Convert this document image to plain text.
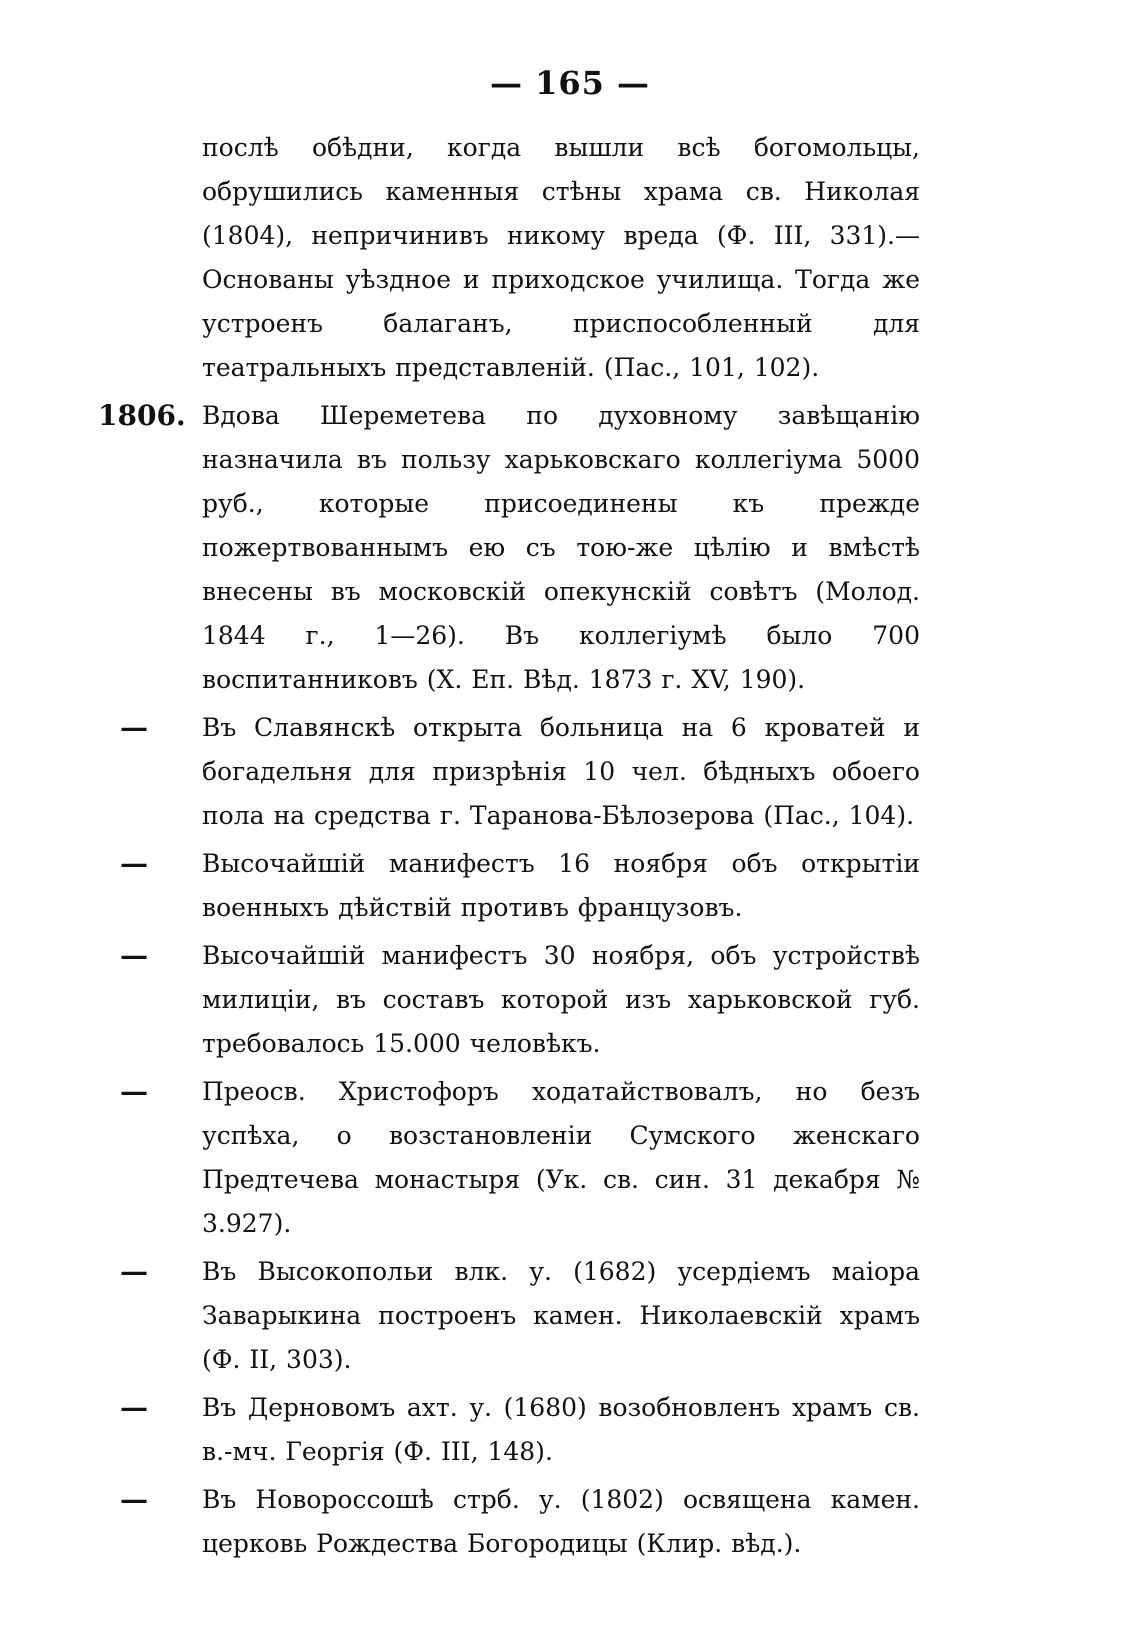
— 165 —
послѣ обѣдни, когда вышли всѣ богомольцы, обрушились каменныя стѣны храма св. Николая (1804), непричинивъ никому вреда (Ф. III, 331).—Основаны уѣздное и приходское училища. Тогда же устроенъ балаганъ, приспособленный для театральныхъ представленій. (Пас., 101, 102).
1806. Вдова Шереметева по духовному завѣщанію назначила въ пользу харьковскаго коллегіума 5000 руб., которые присоединены къ прежде пожертвованнымъ ею съ тою-же цѣлію и вмѣстѣ внесены въ московскій опекунскій совѣтъ (Молод. 1844 г., 1—26). Въ коллегіумѣ было 700 воспитанниковъ (X. Еп. Вѣд. 1873 г. XV, 190).
—	Въ Славянскѣ открыта больница на 6 кроватей и богадельня для призрѣнія 10 чел. бѣдныхъ обоего пола на средства г. Таранова-Бѣлозерова (Пас., 104).
—	Высочайшій манифестъ 16 ноября объ открытіи военныхъ дѣйствій противъ французовъ.
—	Высочайшій манифестъ 30 ноября, объ устройствѣ милиціи, въ составъ которой изъ харьковской губ. требовалось 15.000 человѣкъ.
—	Преосв. Христофоръ ходатайствовалъ, но безъ успѣха, о возстановленіи Сумского женскаго Предтечева монастыря (Ук. св. син. 31 декабря № 3.927).
—	Въ Высокопольи влк. у. (1682) усердіемъ маіора Заварыкина построенъ камен. Николаевскій храмъ (Ф. II, 303).
—	Въ Дерновомъ ахт. у. (1680) возобновленъ храмъ св. в.-мч. Георгія (Ф. III, 148).
—	Въ Новороссошѣ стрб. у. (1802) освящена камен. церковь Рождества Богородицы (Клир. вѣд.).
